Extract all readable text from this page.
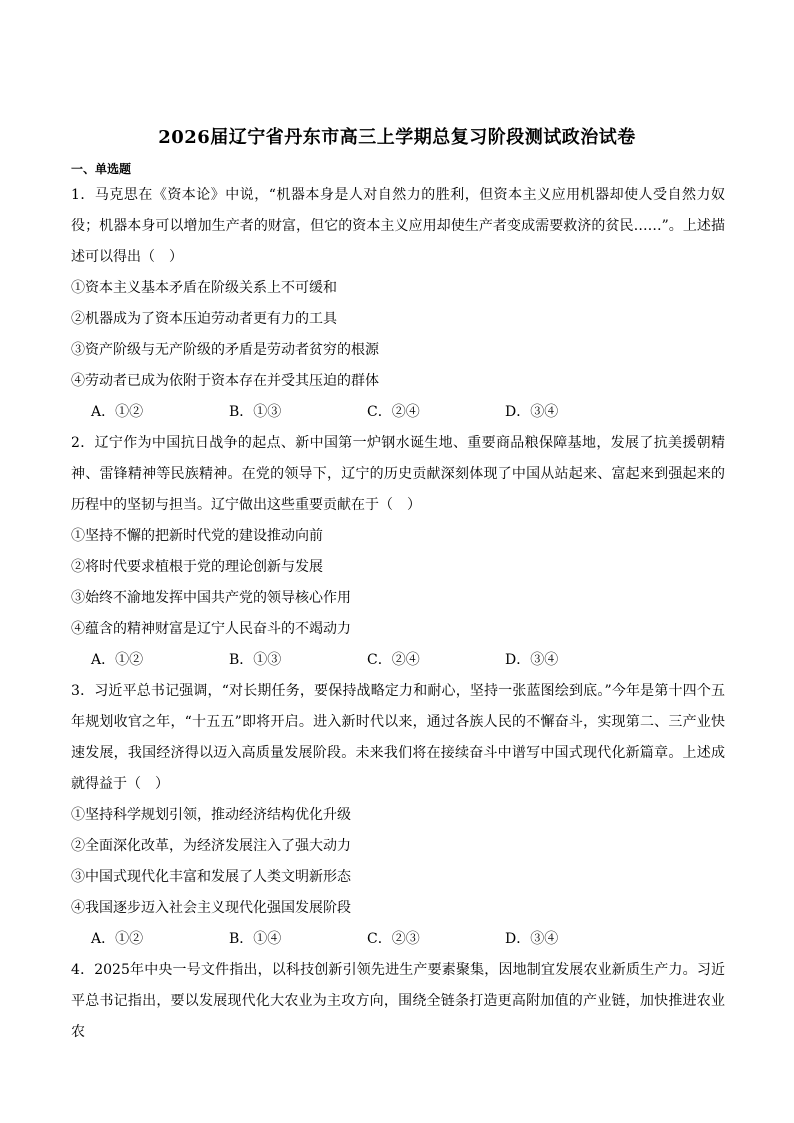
2026届辽宁省丹东市高三上学期总复习阶段测试政治试卷
一、单选题

1．马克思在《资本论》中说，“机器本身是人对自然力的胜利，但资本主义应用机器却使人受自然力奴役；机器本身可以增加生产者的财富，但它的资本主义应用却使生产者变成需要救济的贫民……”。上述描述可以得出（　）

①资本主义基本矛盾在阶级关系上不可缓和

②机器成为了资本压迫劳动者更有力的工具

③资产阶级与无产阶级的矛盾是劳动者贫穷的根源

④劳动者已成为依附于资本存在并受其压迫的群体

A．①②	B．①③	C．②④	D．③④

2．辽宁作为中国抗日战争的起点、新中国第一炉钢水诞生地、重要商品粮保障基地，发展了抗美援朝精神、雷锋精神等民族精神。在党的领导下，辽宁的历史贡献深刻体现了中国从站起来、富起来到强起来的历程中的坚韧与担当。辽宁做出这些重要贡献在于（　）

①坚持不懈的把新时代党的建设推动向前

②将时代要求植根于党的理论创新与发展

③始终不渝地发挥中国共产党的领导核心作用

④蕴含的精神财富是辽宁人民奋斗的不竭动力

A．①②	B．①③	C．②④	D．③④

3．习近平总书记强调，“对长期任务，要保持战略定力和耐心，坚持一张蓝图绘到底。”今年是第十四个五年规划收官之年，“十五五”即将开启。进入新时代以来，通过各族人民的不懈奋斗，实现第二、三产业快速发展，我国经济得以迈入高质量发展阶段。未来我们将在接续奋斗中谱写中国式现代化新篇章。上述成就得益于（　）

①坚持科学规划引领，推动经济结构优化升级

②全面深化改革，为经济发展注入了强大动力

③中国式现代化丰富和发展了人类文明新形态

④我国逐步迈入社会主义现代化强国发展阶段

A．①②	B．①④	C．②③	D．③④

4．2025年中央一号文件指出，以科技创新引领先进生产要素聚集，因地制宜发展农业新质生产力。习近平总书记指出，要以发展现代化大农业为主攻方向，围绕全链条打造更高附加值的产业链，加快推进农业农
